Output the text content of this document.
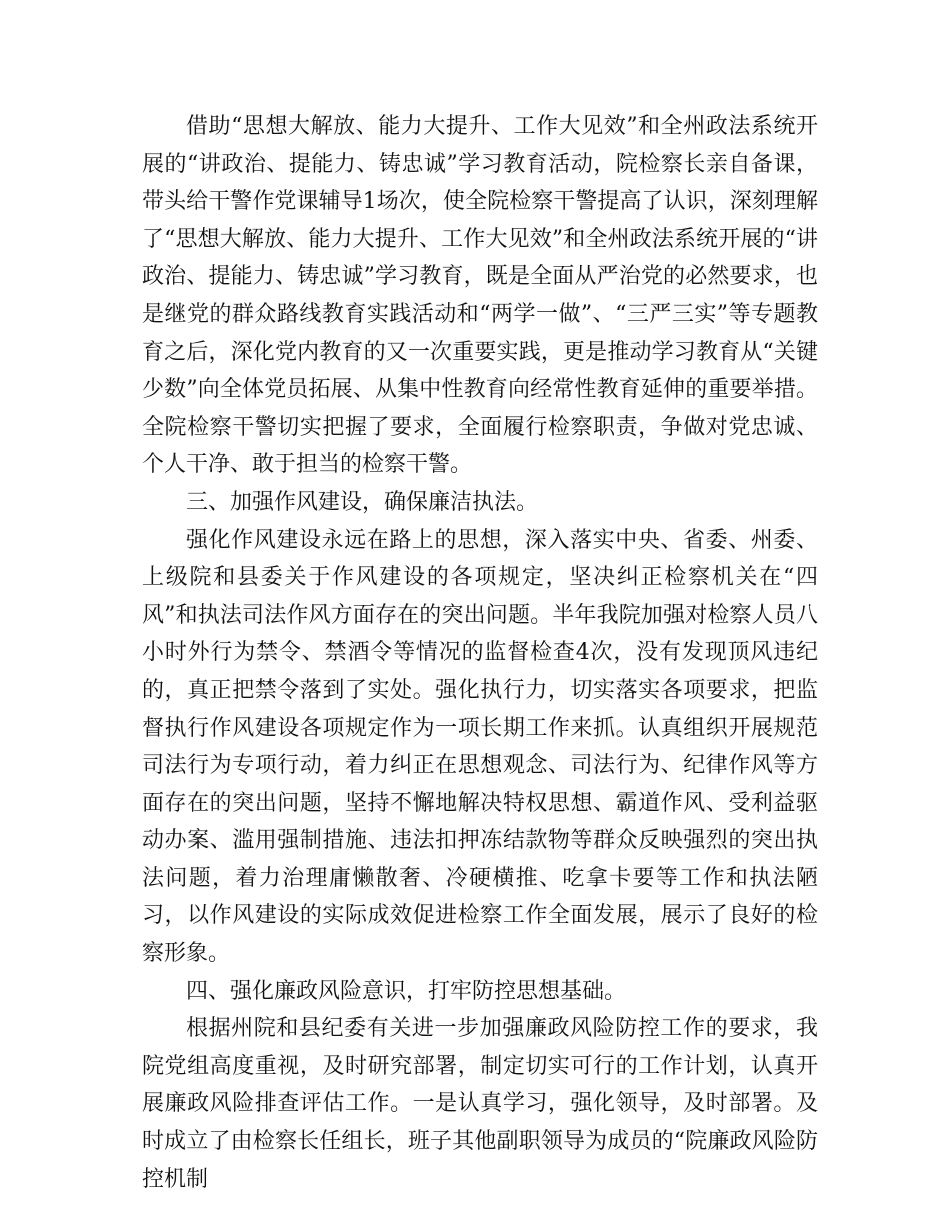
借助“思想大解放、能力大提升、工作大见效”和全州政法系统开展的“讲政治、提能力、铸忠诚”学习教育活动，院检察长亲自备课，带头给干警作党课辅导1场次，使全院检察干警提高了认识，深刻理解了“思想大解放、能力大提升、工作大见效”和全州政法系统开展的“讲政治、提能力、铸忠诚”学习教育，既是全面从严治党的必然要求，也是继党的群众路线教育实践活动和“两学一做”、“三严三实”等专题教育之后，深化党内教育的又一次重要实践，更是推动学习教育从“关键少数”向全体党员拓展、从集中性教育向经常性教育延伸的重要举措。全院检察干警切实把握了要求，全面履行检察职责，争做对党忠诚、个人干净、敢于担当的检察干警。

三、加强作风建设，确保廉洁执法。

强化作风建设永远在路上的思想，深入落实中央、省委、州委、上级院和县委关于作风建设的各项规定，坚决纠正检察机关在“四风”和执法司法作风方面存在的突出问题。半年我院加强对检察人员八小时外行为禁令、禁酒令等情况的监督检查4次，没有发现顶风违纪的，真正把禁令落到了实处。强化执行力，切实落实各项要求，把监督执行作风建设各项规定作为一项长期工作来抓。认真组织开展规范司法行为专项行动，着力纠正在思想观念、司法行为、纪律作风等方面存在的突出问题，坚持不懈地解决特权思想、霸道作风、受利益驱动办案、滥用强制措施、违法扣押冻结款物等群众反映强烈的突出执法问题，着力治理庸懒散奢、冷硬横推、吃拿卡要等工作和执法陋习，以作风建设的实际成效促进检察工作全面发展，展示了良好的检察形象。

四、强化廉政风险意识，打牢防控思想基础。

根据州院和县纪委有关进一步加强廉政风险防控工作的要求，我院党组高度重视，及时研究部署，制定切实可行的工作计划，认真开展廉政风险排查评估工作。一是认真学习，强化领导，及时部署。及时成立了由检察长任组长，班子其他副职领导为成员的“院廉政风险防控机制
